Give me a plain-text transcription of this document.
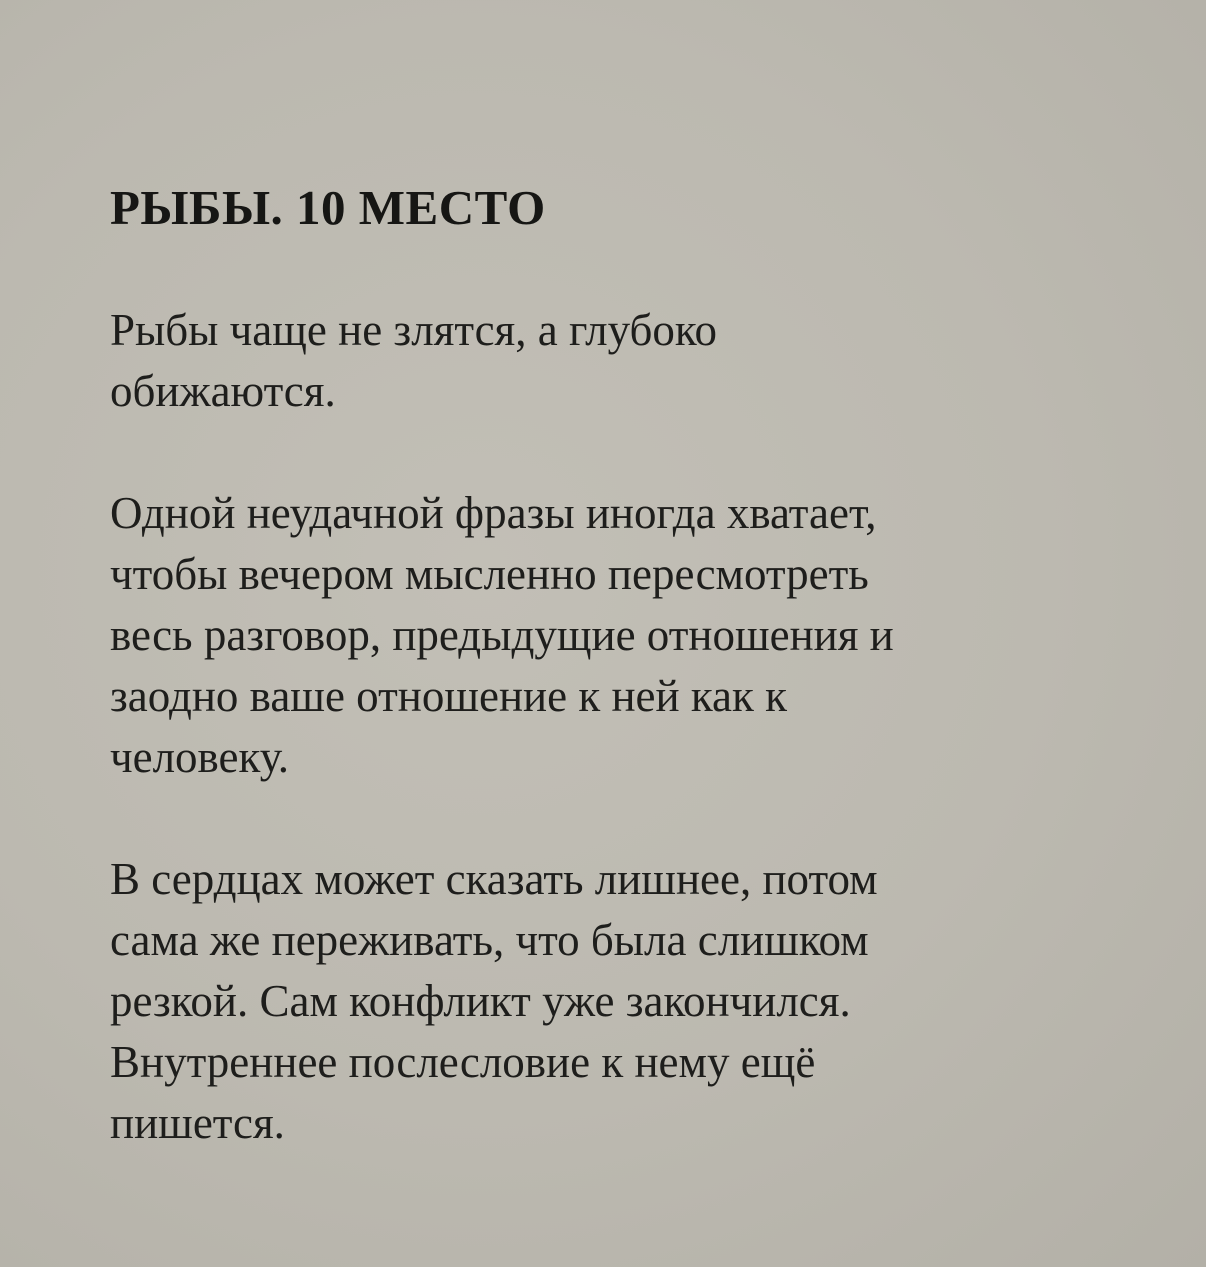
РЫБЫ. 10 МЕСТО

Рыбы чаще не злятся, а глубоко
обижаются.

Одной неудачной фразы иногда хватает,
чтобы вечером мысленно пересмотреть
весь разговор, предыдущие отношения и
заодно ваше отношение к ней как к
человеку.

В сердцах может сказать лишнее, потом
сама же переживать, что была слишком
резкой. Сам конфликт уже закончился.
Внутреннее послесловие к нему ещё
пишется.
